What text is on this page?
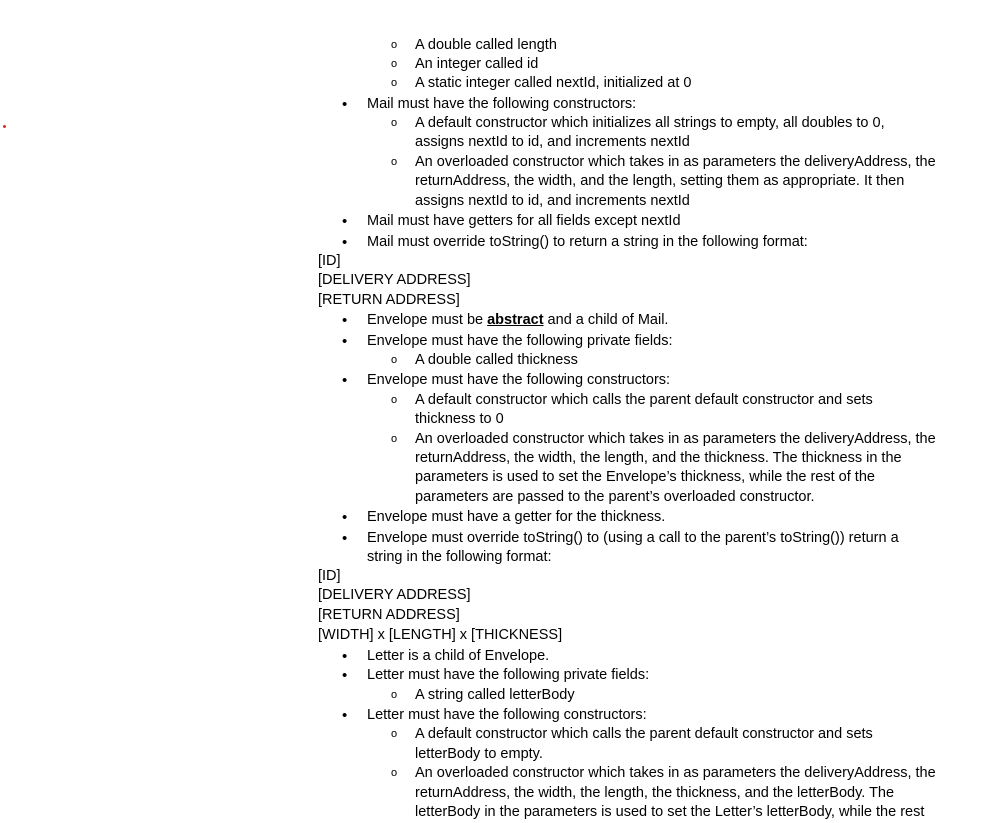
o A double called length
o An integer called id
o A static integer called nextId, initialized at 0
• Mail must have the following constructors:
o A default constructor which initializes all strings to empty, all doubles to 0,
assigns nextId to id, and increments nextId
o An overloaded constructor which takes in as parameters the deliveryAddress, the
returnAddress, the width, and the length, setting them as appropriate. It then
assigns nextId to id, and increments nextId
• Mail must have getters for all fields except nextId
• Mail must override toString() to return a string in the following format:
[ID]
[DELIVERY ADDRESS]
[RETURN ADDRESS]
• Envelope must be abstract and a child of Mail.
• Envelope must have the following private fields:
o A double called thickness
• Envelope must have the following constructors:
o A default constructor which calls the parent default constructor and sets
thickness to 0
o An overloaded constructor which takes in as parameters the deliveryAddress, the
returnAddress, the width, the length, and the thickness. The thickness in the
parameters is used to set the Envelope’s thickness, while the rest of the
parameters are passed to the parent’s overloaded constructor.
• Envelope must have a getter for the thickness.
• Envelope must override toString() to (using a call to the parent’s toString()) return a
string in the following format:
[ID]
[DELIVERY ADDRESS]
[RETURN ADDRESS]
[WIDTH] x [LENGTH] x [THICKNESS]
• Letter is a child of Envelope.
• Letter must have the following private fields:
o A string called letterBody
• Letter must have the following constructors:
o A default constructor which calls the parent default constructor and sets
letterBody to empty.
o An overloaded constructor which takes in as parameters the deliveryAddress, the
returnAddress, the width, the length, the thickness, and the letterBody. The
letterBody in the parameters is used to set the Letter’s letterBody, while the rest
